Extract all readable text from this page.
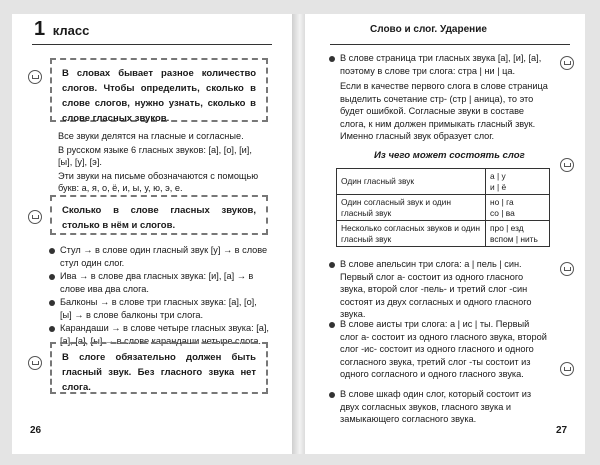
1 класс	Слово и слог. Ударение

В словах бывает разное количество слогов. Чтобы определить, сколько в слове слогов, нужно узнать, сколько в слове гласных звуков.

Все звуки делятся на гласные и согласные.

В русском языке 6 гласных звуков: [а], [о], [и], [ы], [у], [э].

Эти звуки на письме обозначаются с помощью букв: а, я, о, ё, и, ы, у, ю, э, е.

Сколько в слове гласных звуков, столько в нём и слогов.

Стул → в слове один гласный звук [у] → в слове стул один слог.
Ива → в слове два гласных звука: [и], [а] → в слове ива два слога.
Балконы → в слове три гласных звука: [а], [о], [ы] → в слове балконы три слога.
Карандаши → в слове четыре гласных звука: [а], [а], [а], [ы] → в слове карандаши четыре слога.

В слоге обязательно должен быть гласный звук. Без гласного звука нет слога.

26
В слове страница три гласных звука [а], [и], [а], поэтому в слове три слога: стра | ни | ца.

Если в качестве первого слога в слове страница выделить сочетание стр- (стр | аница), то это будет ошибкой. Согласные звуки в составе слога, к ним должен примыкать гласный звук. Именно гласный звук образует слог.

Из чего может состоять слог
Один гласный звук	а | у
и | ё
Один согласный звук и один гласный звук	но | га
со | ва
Несколько согласных звуков и один гласный звук	про | езд
вспом | нить
В слове апельсин три слога: а | пель | син. Первый слог а- состоит из одного гласного звука, второй слог -пель- и третий слог -син состоят из двух согласных и одного гласного звука.
В слове аисты три слога: а | ис | ты. Первый слог а- состоит из одного гласного звука, второй слог -ис- состоит из одного гласного и одного согласного звука, третий слог -ты состоит из одного согласного и одного гласного звука.
В слове шкаф один слог, который состоит из двух согласных звуков, гласного звука и замыкающего согласного звука.
27
